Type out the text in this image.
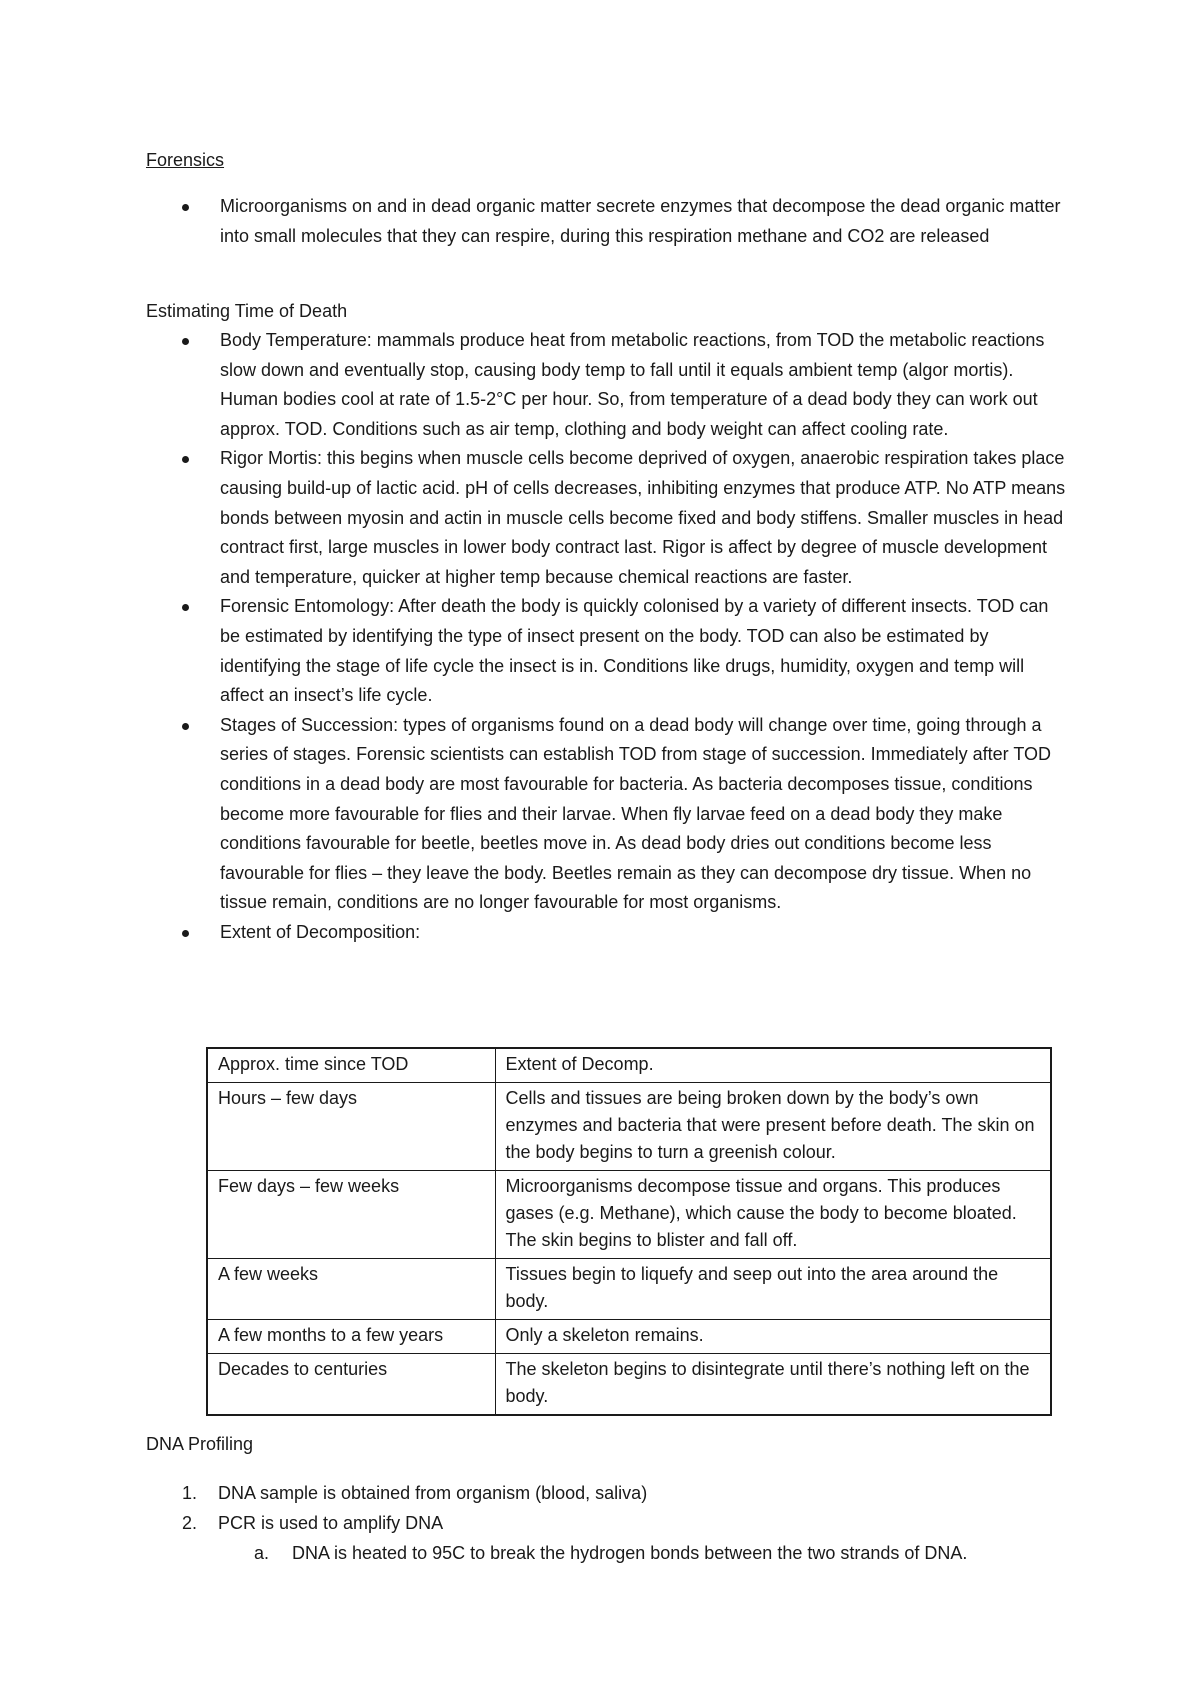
Forensics
Microorganisms on and in dead organic matter secrete enzymes that decompose the dead organic matter into small molecules that they can respire, during this respiration methane and CO2 are released
Estimating Time of Death
Body Temperature: mammals produce heat from metabolic reactions, from TOD the metabolic reactions slow down and eventually stop, causing body temp to fall until it equals ambient temp (algor mortis). Human bodies cool at rate of 1.5-2°C per hour. So, from temperature of a dead body they can work out approx. TOD. Conditions such as air temp, clothing and body weight can affect cooling rate.
Rigor Mortis: this begins when muscle cells become deprived of oxygen, anaerobic respiration takes place causing build-up of lactic acid. pH of cells decreases, inhibiting enzymes that produce ATP. No ATP means bonds between myosin and actin in muscle cells become fixed and body stiffens. Smaller muscles in head contract first, large muscles in lower body contract last. Rigor is affect by degree of muscle development and temperature, quicker at higher temp because chemical reactions are faster.
Forensic Entomology: After death the body is quickly colonised by a variety of different insects. TOD can be estimated by identifying the type of insect present on the body. TOD can also be estimated by identifying the stage of life cycle the insect is in. Conditions like drugs, humidity, oxygen and temp will affect an insect’s life cycle.
Stages of Succession: types of organisms found on a dead body will change over time, going through a series of stages. Forensic scientists can establish TOD from stage of succession. Immediately after TOD conditions in a dead body are most favourable for bacteria. As bacteria decomposes tissue, conditions become more favourable for flies and their larvae. When fly larvae feed on a dead body they make conditions favourable for beetle, beetles move in. As dead body dries out conditions become less favourable for flies – they leave the body. Beetles remain as they can decompose dry tissue. When no tissue remain, conditions are no longer favourable for most organisms.
Extent of Decomposition:
Approx. time since TOD	Extent of Decomp.
Hours – few days	Cells and tissues are being broken down by the body’s own enzymes and bacteria that were present before death. The skin on the body begins to turn a greenish colour.
Few days – few weeks	Microorganisms decompose tissue and organs. This produces gases (e.g. Methane), which cause the body to become bloated. The skin begins to blister and fall off.
A few weeks	Tissues begin to liquefy and seep out into the area around the body.
A few months to a few years	Only a skeleton remains.
Decades to centuries	The skeleton begins to disintegrate until there’s nothing left on the body.
DNA Profiling
1. DNA sample is obtained from organism (blood, saliva)
2. PCR is used to amplify DNA
a. DNA is heated to 95C to break the hydrogen bonds between the two strands of DNA.
